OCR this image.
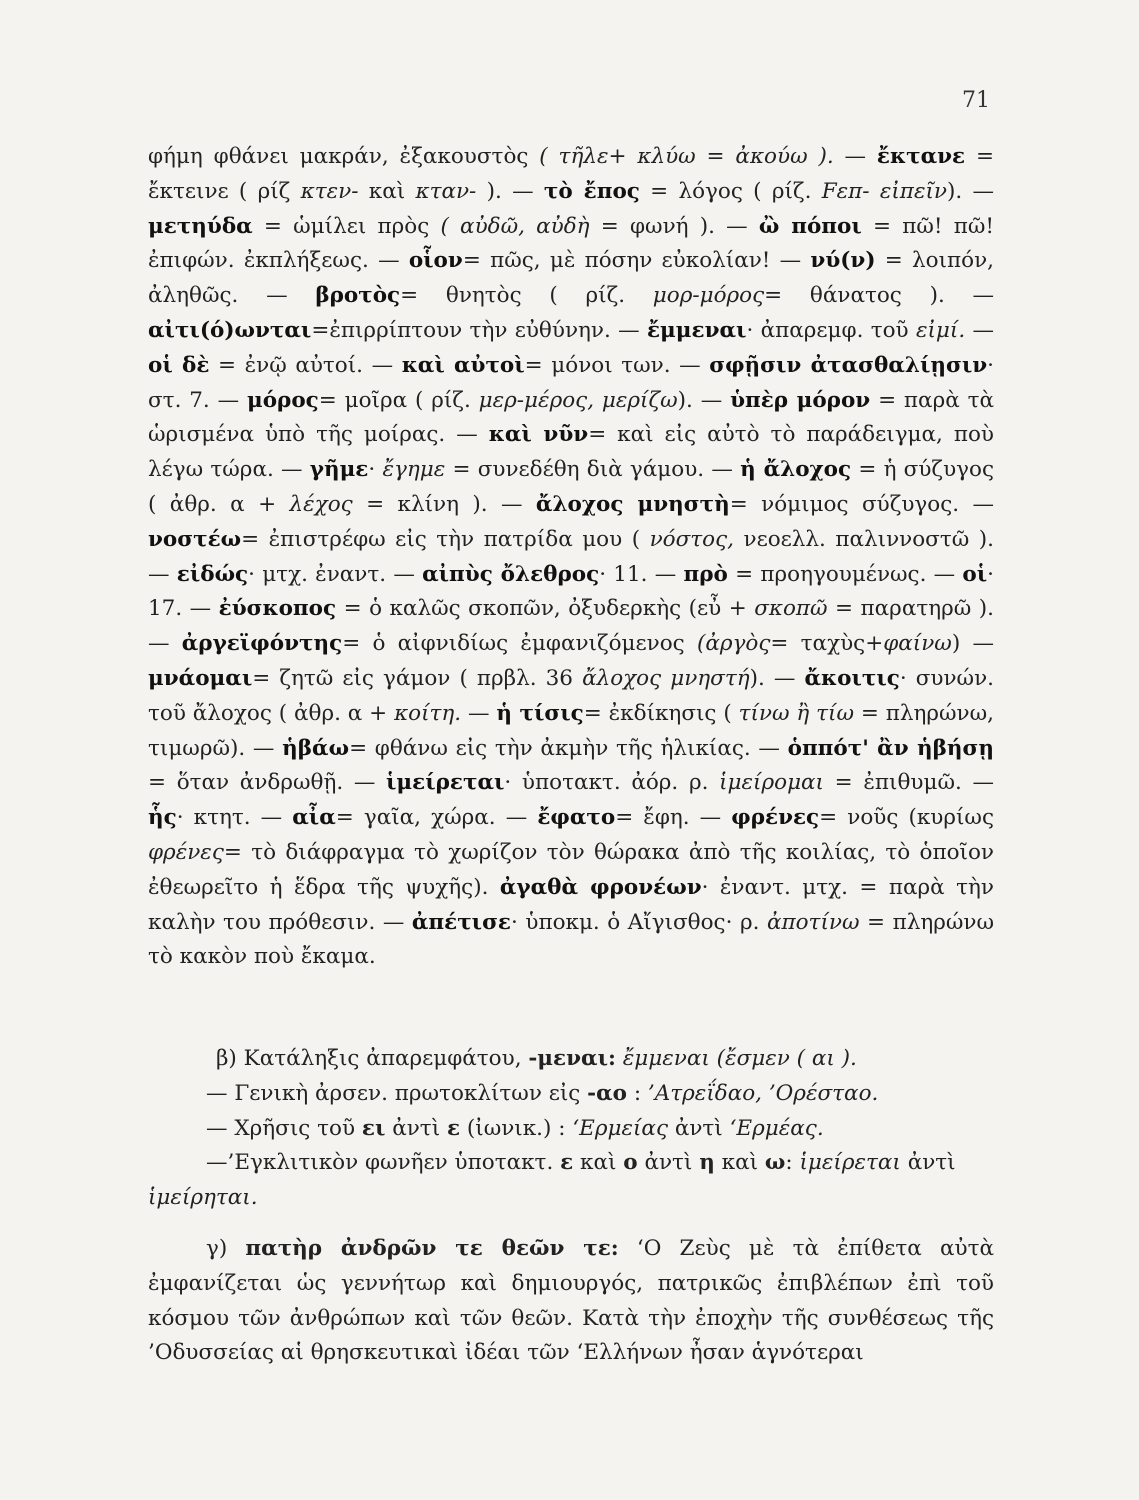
71
φήμη φθάνει μακράν, ἐξακουστὸς ( τῆλε+ κλύω = ἀκούω ). — ἔκτανε = ἔκτεινε ( ρίζ κτεν- καὶ κταν- ). — τὸ ἔπος = λόγος ( ρίζ. Fεπ- εἰπεῖν). — μετηύδα = ὡμίλει πρὸς ( αὐδῶ, αὐδὴ = φωνή ). — ὢ πόποι = πῶ! πῶ! ἐπιφών. ἐκπλήξεως. — οἷον= πῶς, μὲ πόσην εὐκολίαν! — νύ(ν) = λοιπόν, ἀληθῶς. — βροτὸς= θνητὸς ( ρίζ. μορ-μόρος= θάνατος ). — αἰτι(ό)ωνται=ἐπιρρίπτουν τὴν εὐθύνην. — ἔμμεναι· ἀπαρεμφ. τοῦ εἰμί. — οἱ δὲ = ἐνῷ αὐτοί. — καὶ αὐτοὶ= μόνοι των. — σφῇσιν ἀτασθαλίῃσιν· στ. 7. — μόρος= μοῖρα ( ρίζ. μερ-μέρος, μερίζω). — ὑπὲρ μόρον = παρὰ τὰ ὡρισμένα ὑπὸ τῆς μοίρας. — καὶ νῦν= καὶ εἰς αὐτὸ τὸ παράδειγμα, ποὺ λέγω τώρα. — γῆμε· ἔγημε = συνεδέθη διὰ γάμου. — ἡ ἄλοχος = ἡ σύζυγος ( ἀθρ. α + λέχος = κλίνη ). — ἄλοχος μνηστὴ= νόμιμος σύζυγος. — νοστέω= ἐπιστρέφω εἰς τὴν πατρίδα μου ( νόστος, νεοελλ. παλιννοστῶ ). — εἰδώς· μτχ. ἐναντ. — αἰπὺς ὄλεθρος· 11. — πρὸ = προηγουμένως. — οἱ· 17. — ἐύσκοπος = ὁ καλῶς σκοπῶν, ὀξυδερκὴς (εὖ + σκοπῶ = παρατηρῶ ). — ἀργεϊφόντης= ὁ αἰφνιδίως ἐμφανιζόμενος (ἀργὸς= ταχὺς+φαίνω) — μνάομαι= ζητῶ εἰς γάμον ( πρβλ. 36 ἄλοχος μνηστή). — ἄκοιτις· συνών. τοῦ ἄλοχος ( ἀθρ. α + κοίτη. — ἡ τίσις= ἐκδίκησις ( τίνω ἢ τίω = πληρώνω, τιμωρῶ). — ἡβάω= φθάνω εἰς τὴν ἀκμὴν τῆς ἡλικίας. — ὁππότ' ἂν ἡβήσῃ = ὅταν ἀνδρωθῇ. — ἱμείρεται· ὑποτακτ. ἀόρ. ρ. ἱμείρομαι = ἐπιθυμῶ. — ἧς· κτητ. — αἶα= γαῖα, χώρα. — ἔφατο= ἔφη. — φρένες= νοῦς (κυρίως φρένες= τὸ διάφραγμα τὸ χωρίζον τὸν θώρακα ἀπὸ τῆς κοιλίας, τὸ ὁποῖον ἐθεωρεῖτο ἡ ἕδρα τῆς ψυχῆς). ἀγαθὰ φρονέων· ἐναντ. μτχ. = παρὰ τὴν καλὴν του πρόθεσιν. — ἀπέτισε· ὑποκμ. ὁ Αἴγισθος· ρ. ἀποτίνω = πληρώνω τὸ κακὸν ποὺ ἔκαμα.

β) Κατάληξις ἀπαρεμφάτου, -μεναι: ἔμμεναι (ἔσμεν ( αι ).

— Γενικὴ ἀρσεν. πρωτοκλίτων εἰς -αο : ’Ατρεΐδαο, ’Ορέσταο.

— Χρῆσις τοῦ ει ἀντὶ ε (ἰωνικ.) : ‘Ερμείας ἀντὶ ‘Ερμέας.

—’Εγκλιτικὸν φωνῆεν ὑποτακτ. ε καὶ ο ἀντὶ η καὶ ω: ἱμείρεται ἀντὶ ἱμείρηται.

γ) πατὴρ ἀνδρῶν τε θεῶν τε: ‘Ο Ζεὺς μὲ τὰ ἐπίθετα αὐτὰ ἐμφανίζεται ὡς γεννήτωρ καὶ δημιουργός, πατρικῶς ἐπιβλέπων ἐπὶ τοῦ κόσμου τῶν ἀνθρώπων καὶ τῶν θεῶν. Κατὰ τὴν ἐποχὴν τῆς συνθέσεως τῆς ’Οδυσσείας αἱ θρησκευτικαὶ ἰδέαι τῶν ‘Ελλήνων ἦσαν ἁγνότεραι
